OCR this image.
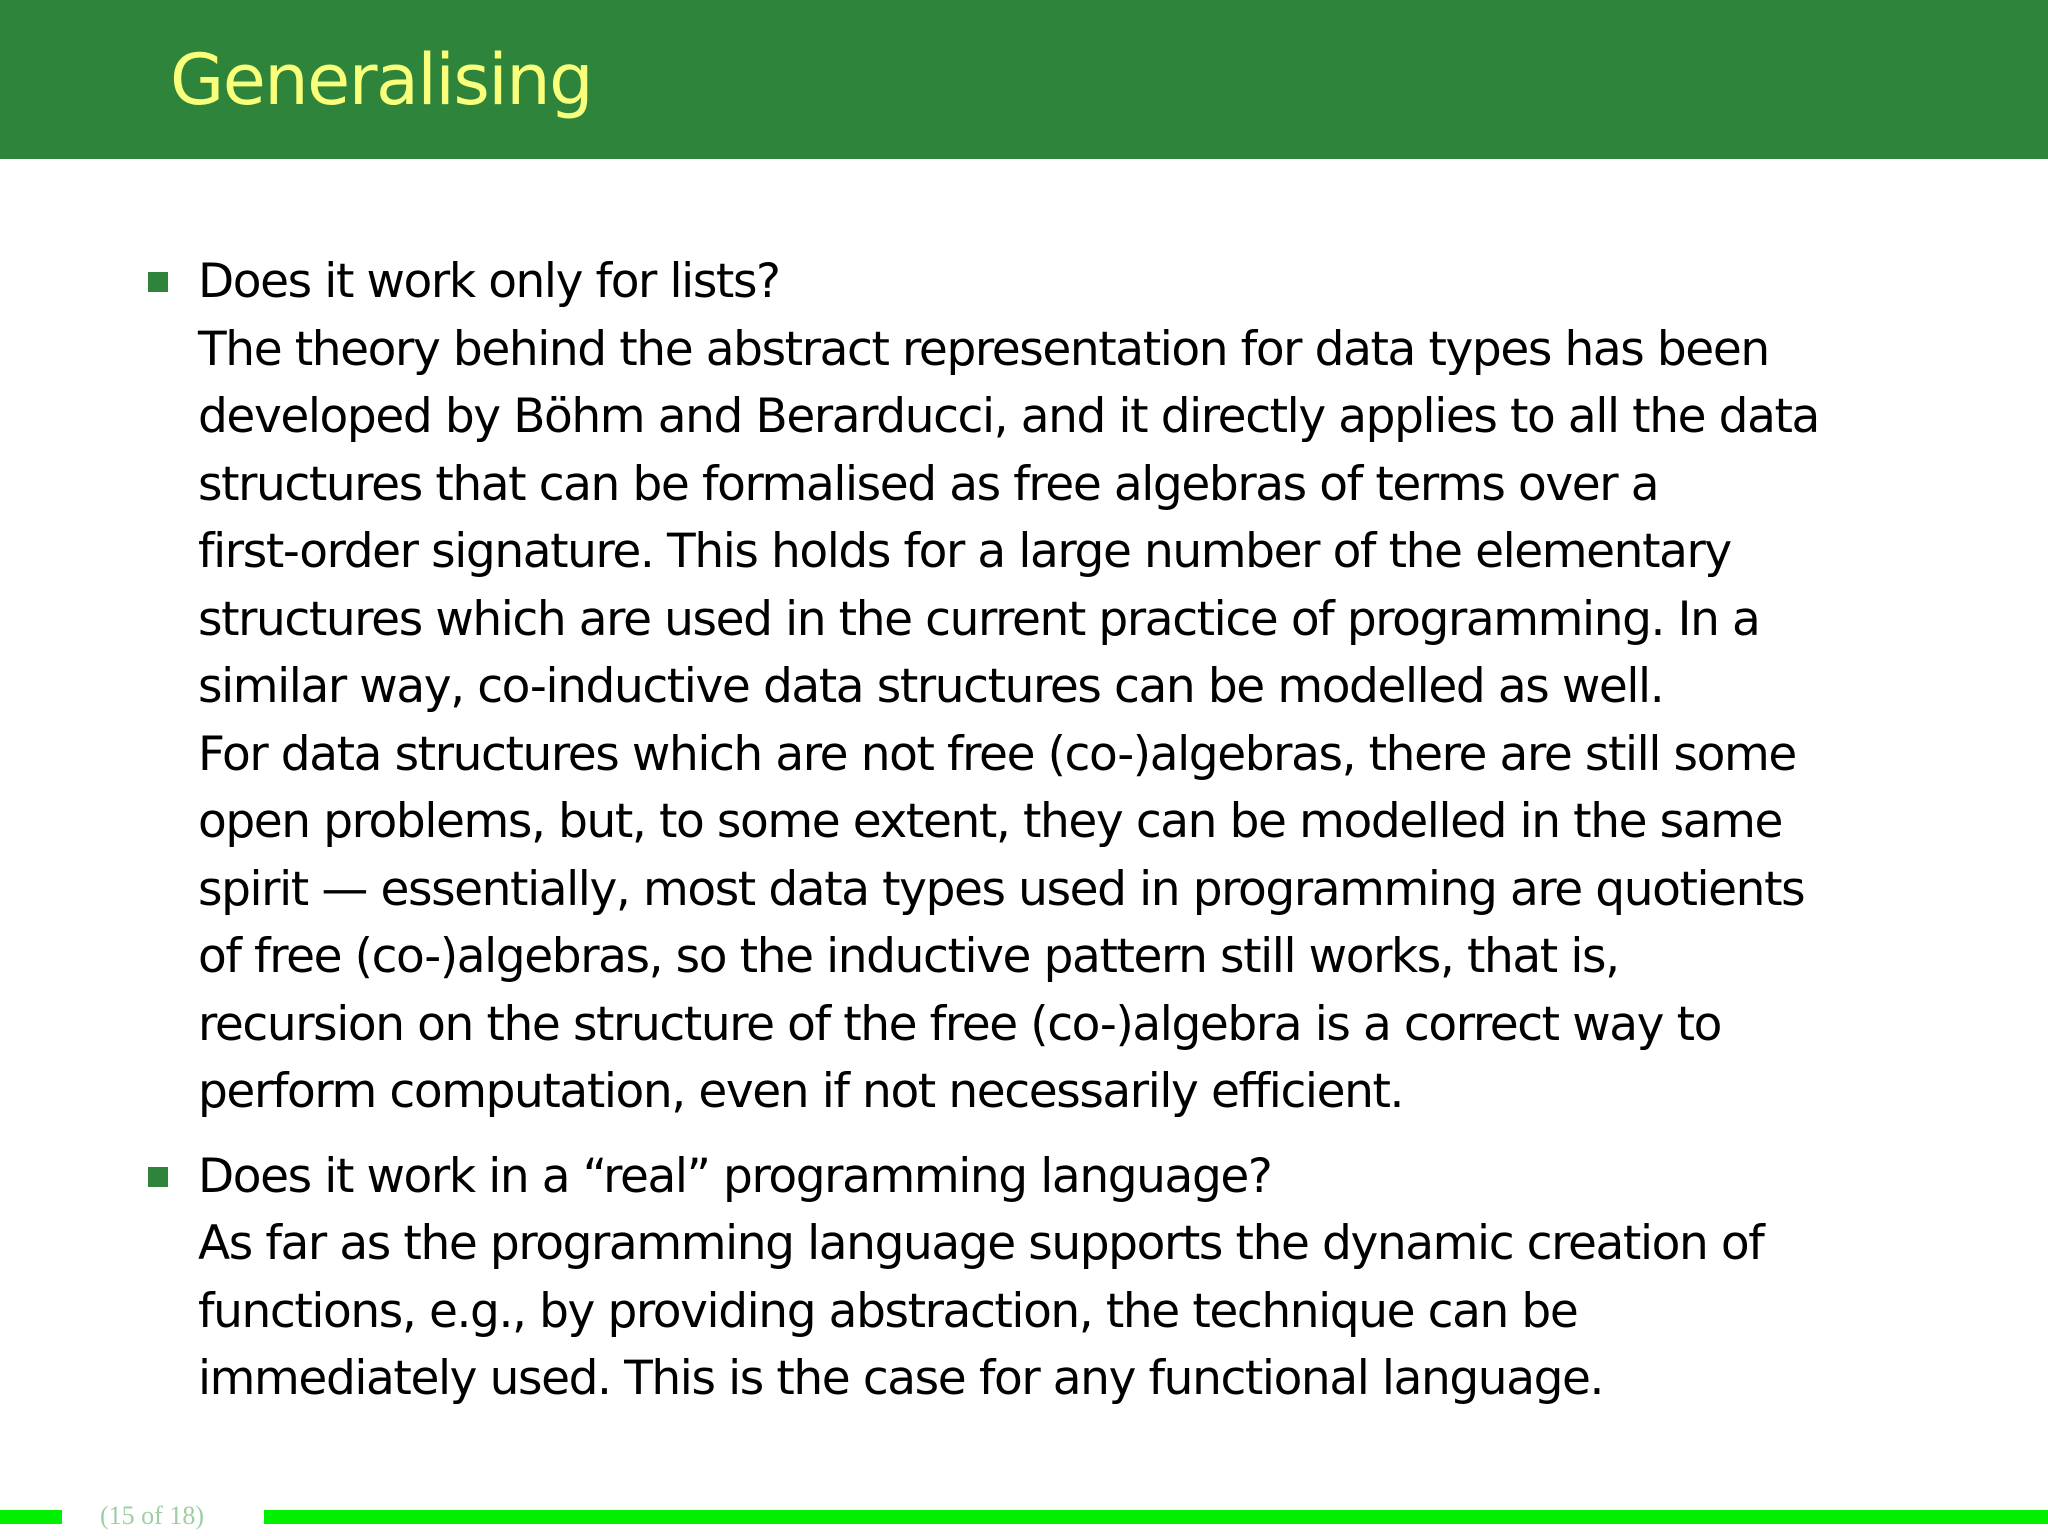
Generalising
Does it work only for lists?
The theory behind the abstract representation for data types has been
developed by Böhm and Berarducci, and it directly applies to all the data
structures that can be formalised as free algebras of terms over a
first-order signature. This holds for a large number of the elementary
structures which are used in the current practice of programming. In a
similar way, co-inductive data structures can be modelled as well.
For data structures which are not free (co-)algebras, there are still some
open problems, but, to some extent, they can be modelled in the same
spirit — essentially, most data types used in programming are quotients
of free (co-)algebras, so the inductive pattern still works, that is,
recursion on the structure of the free (co-)algebra is a correct way to
perform computation, even if not necessarily efficient.
Does it work in a “real” programming language?
As far as the programming language supports the dynamic creation of
functions, e.g., by providing abstraction, the technique can be
immediately used. This is the case for any functional language.
(15 of 18)
